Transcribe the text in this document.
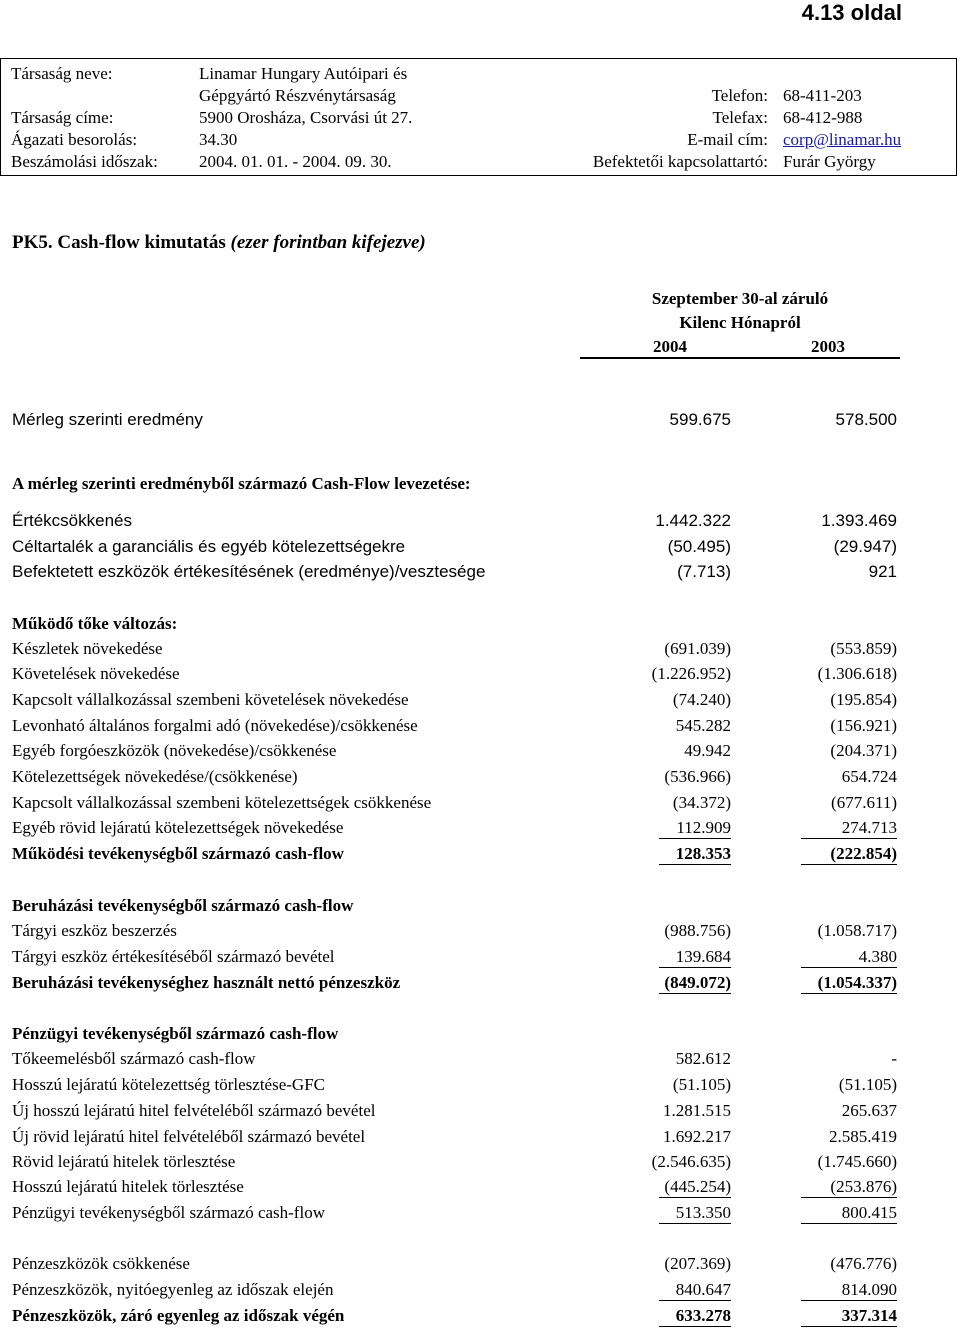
4.13 oldal
Társaság neve:	Linamar Hungary Autóipari és
Gépgyártó Részvénytársaság	Telefon: 68-411-203
Társaság címe:	5900 Orosháza, Csorvási út 27.	Telefax: 68-412-988
Ágazati besorolás:	34.30	E-mail cím: corp@linamar.hu
Beszámolási időszak: 2004. 01. 01. - 2004. 09. 30.	Befektetői kapcsolattartó: Furár György
PK5. Cash-flow kimutatás (ezer forintban kifejezve)
Szeptember 30-al záruló
Kilenc Hónapról
2004	2003
Mérleg szerinti eredmény	599.675	578.500
A mérleg szerinti eredményből származó Cash-Flow levezetése:
Értékcsökkenés	1.442.322	1.393.469
Céltartalék a garanciális és egyéb kötelezettségekre	(50.495)	(29.947)
Befektetett eszközök értékesítésének (eredménye)/vesztesége	(7.713)	921
Működő tőke változás:
Készletek növekedése	(691.039)	(553.859)
Követelések növekedése	(1.226.952)	(1.306.618)
Kapcsolt vállalkozással szembeni követelések növekedése	(74.240)	(195.854)
Levonható általános forgalmi adó (növekedése)/csökkenése	545.282	(156.921)
Egyéb forgóeszközök (növekedése)/csökkenése	49.942	(204.371)
Kötelezettségek növekedése/(csökkenése)	(536.966)	654.724
Kapcsolt vállalkozással szembeni kötelezettségek csökkenése	(34.372)	(677.611)
Egyéb rövid lejáratú kötelezettségek növekedése	112.909	274.713
Működési tevékenységből származó cash-flow	128.353	(222.854)
Beruházási tevékenységből származó cash-flow
Tárgyi eszköz beszerzés	(988.756)	(1.058.717)
Tárgyi eszköz értékesítéséből származó bevétel	139.684	4.380
Beruházási tevékenységhez használt nettó pénzeszköz	(849.072)	(1.054.337)
Pénzügyi tevékenységből származó cash-flow
Tőkeemelésből származó cash-flow	582.612	-
Hosszú lejáratú kötelezettség törlesztése-GFC	(51.105)	(51.105)
Új hosszú lejáratú hitel felvételéből származó bevétel	1.281.515	265.637
Új rövid lejáratú hitel felvételéből származó bevétel	1.692.217	2.585.419
Rövid lejáratú hitelek törlesztése	(2.546.635)	(1.745.660)
Hosszú lejáratú hitelek törlesztése	(445.254)	(253.876)
Pénzügyi tevékenységből származó cash-flow	513.350	800.415
Pénzeszközök csökkenése	(207.369)	(476.776)
Pénzeszközök, nyitóegyenleg az időszak elején	840.647	814.090
Pénzeszközök, záró egyenleg az időszak végén	633.278	337.314
